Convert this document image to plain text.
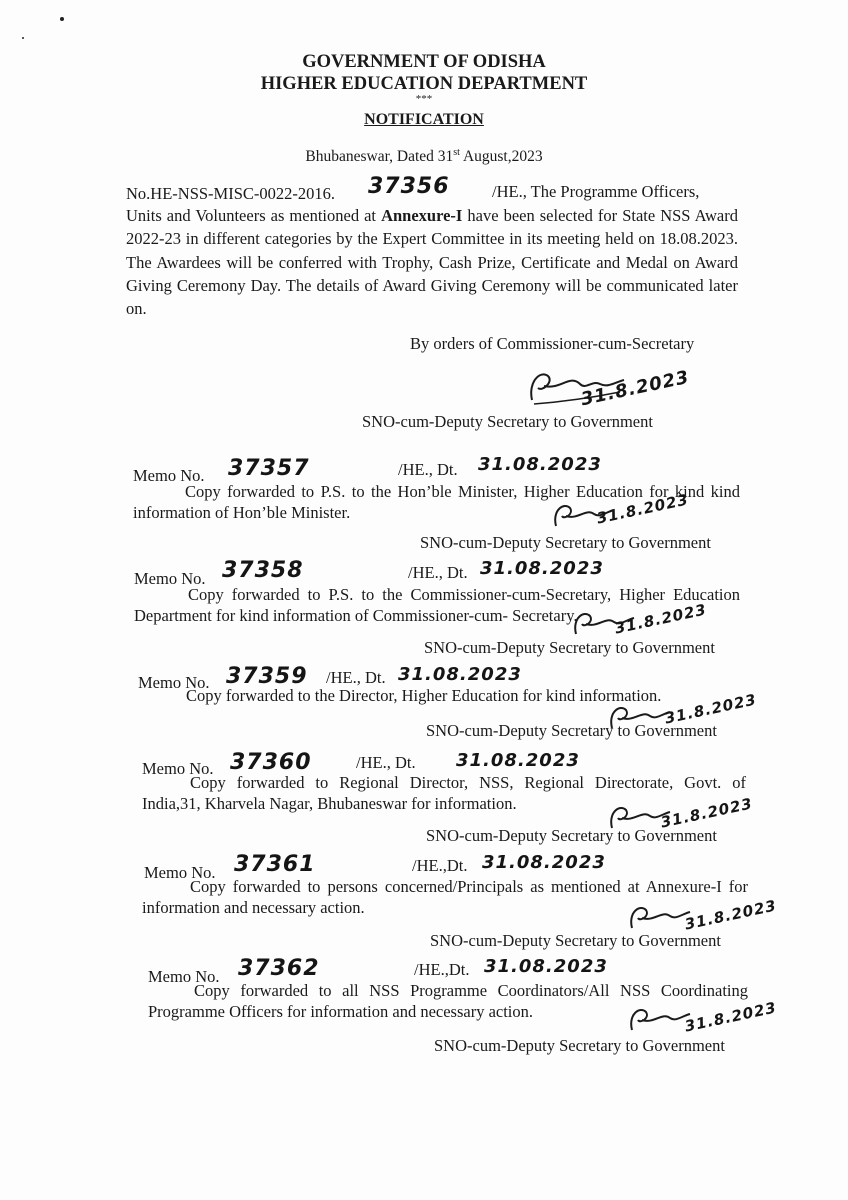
GOVERNMENT OF ODISHA
HIGHER EDUCATION DEPARTMENT
***
NOTIFICATION
Bhubaneswar, Dated 31st August,2023
No.HE-NSS-MISC-0022-2016. 37356	/HE., The Programme Officers,
Units and Volunteers as mentioned at Annexure-I have been selected for State NSS Award 2022-23 in different categories by the Expert Committee in its meeting held on 18.08.2023. The Awardees will be conferred with Trophy, Cash Prize, Certificate and Medal on Award Giving Ceremony Day. The details of Award Giving Ceremony will be communicated later on.
By orders of Commissioner-cum-Secretary
31.8.2023
SNO-cum-Deputy Secretary to Government
Memo No. 37357	/HE., Dt. 31.08.2023
Copy forwarded to P.S. to the Hon’ble Minister, Higher Education for kind kind information of Hon’ble Minister.	31.8.2023
SNO-cum-Deputy Secretary to Government
Memo No. 37358	/HE., Dt. 31.08.2023
Copy forwarded to P.S. to the Commissioner-cum-Secretary, Higher Education Department for kind information of Commissioner-cum- Secretary.	31.8.2023
SNO-cum-Deputy Secretary to Government
Memo No. 37359 /HE., Dt. 31.08.2023
Copy forwarded to the Director, Higher Education for kind information. 31.8.2023
SNO-cum-Deputy Secretary to Government
Memo No. 37360	/HE., Dt. 31.08.2023
Copy forwarded to Regional Director, NSS, Regional Directorate, Govt. of India,31, Kharvela Nagar, Bhubaneswar for information.	31.8.2023
SNO-cum-Deputy Secretary to Government
Memo No. 37361	/HE.,Dt. 31.08.2023
Copy forwarded to persons concerned/Principals as mentioned at Annexure-I for information and necessary action.	31.8.2023
SNO-cum-Deputy Secretary to Government
Memo No. 37362	/HE.,Dt. 31.08.2023
Copy forwarded to all NSS Programme Coordinators/All NSS Coordinating Programme Officers for information and necessary action.	31.8.2023
SNO-cum-Deputy Secretary to Government
